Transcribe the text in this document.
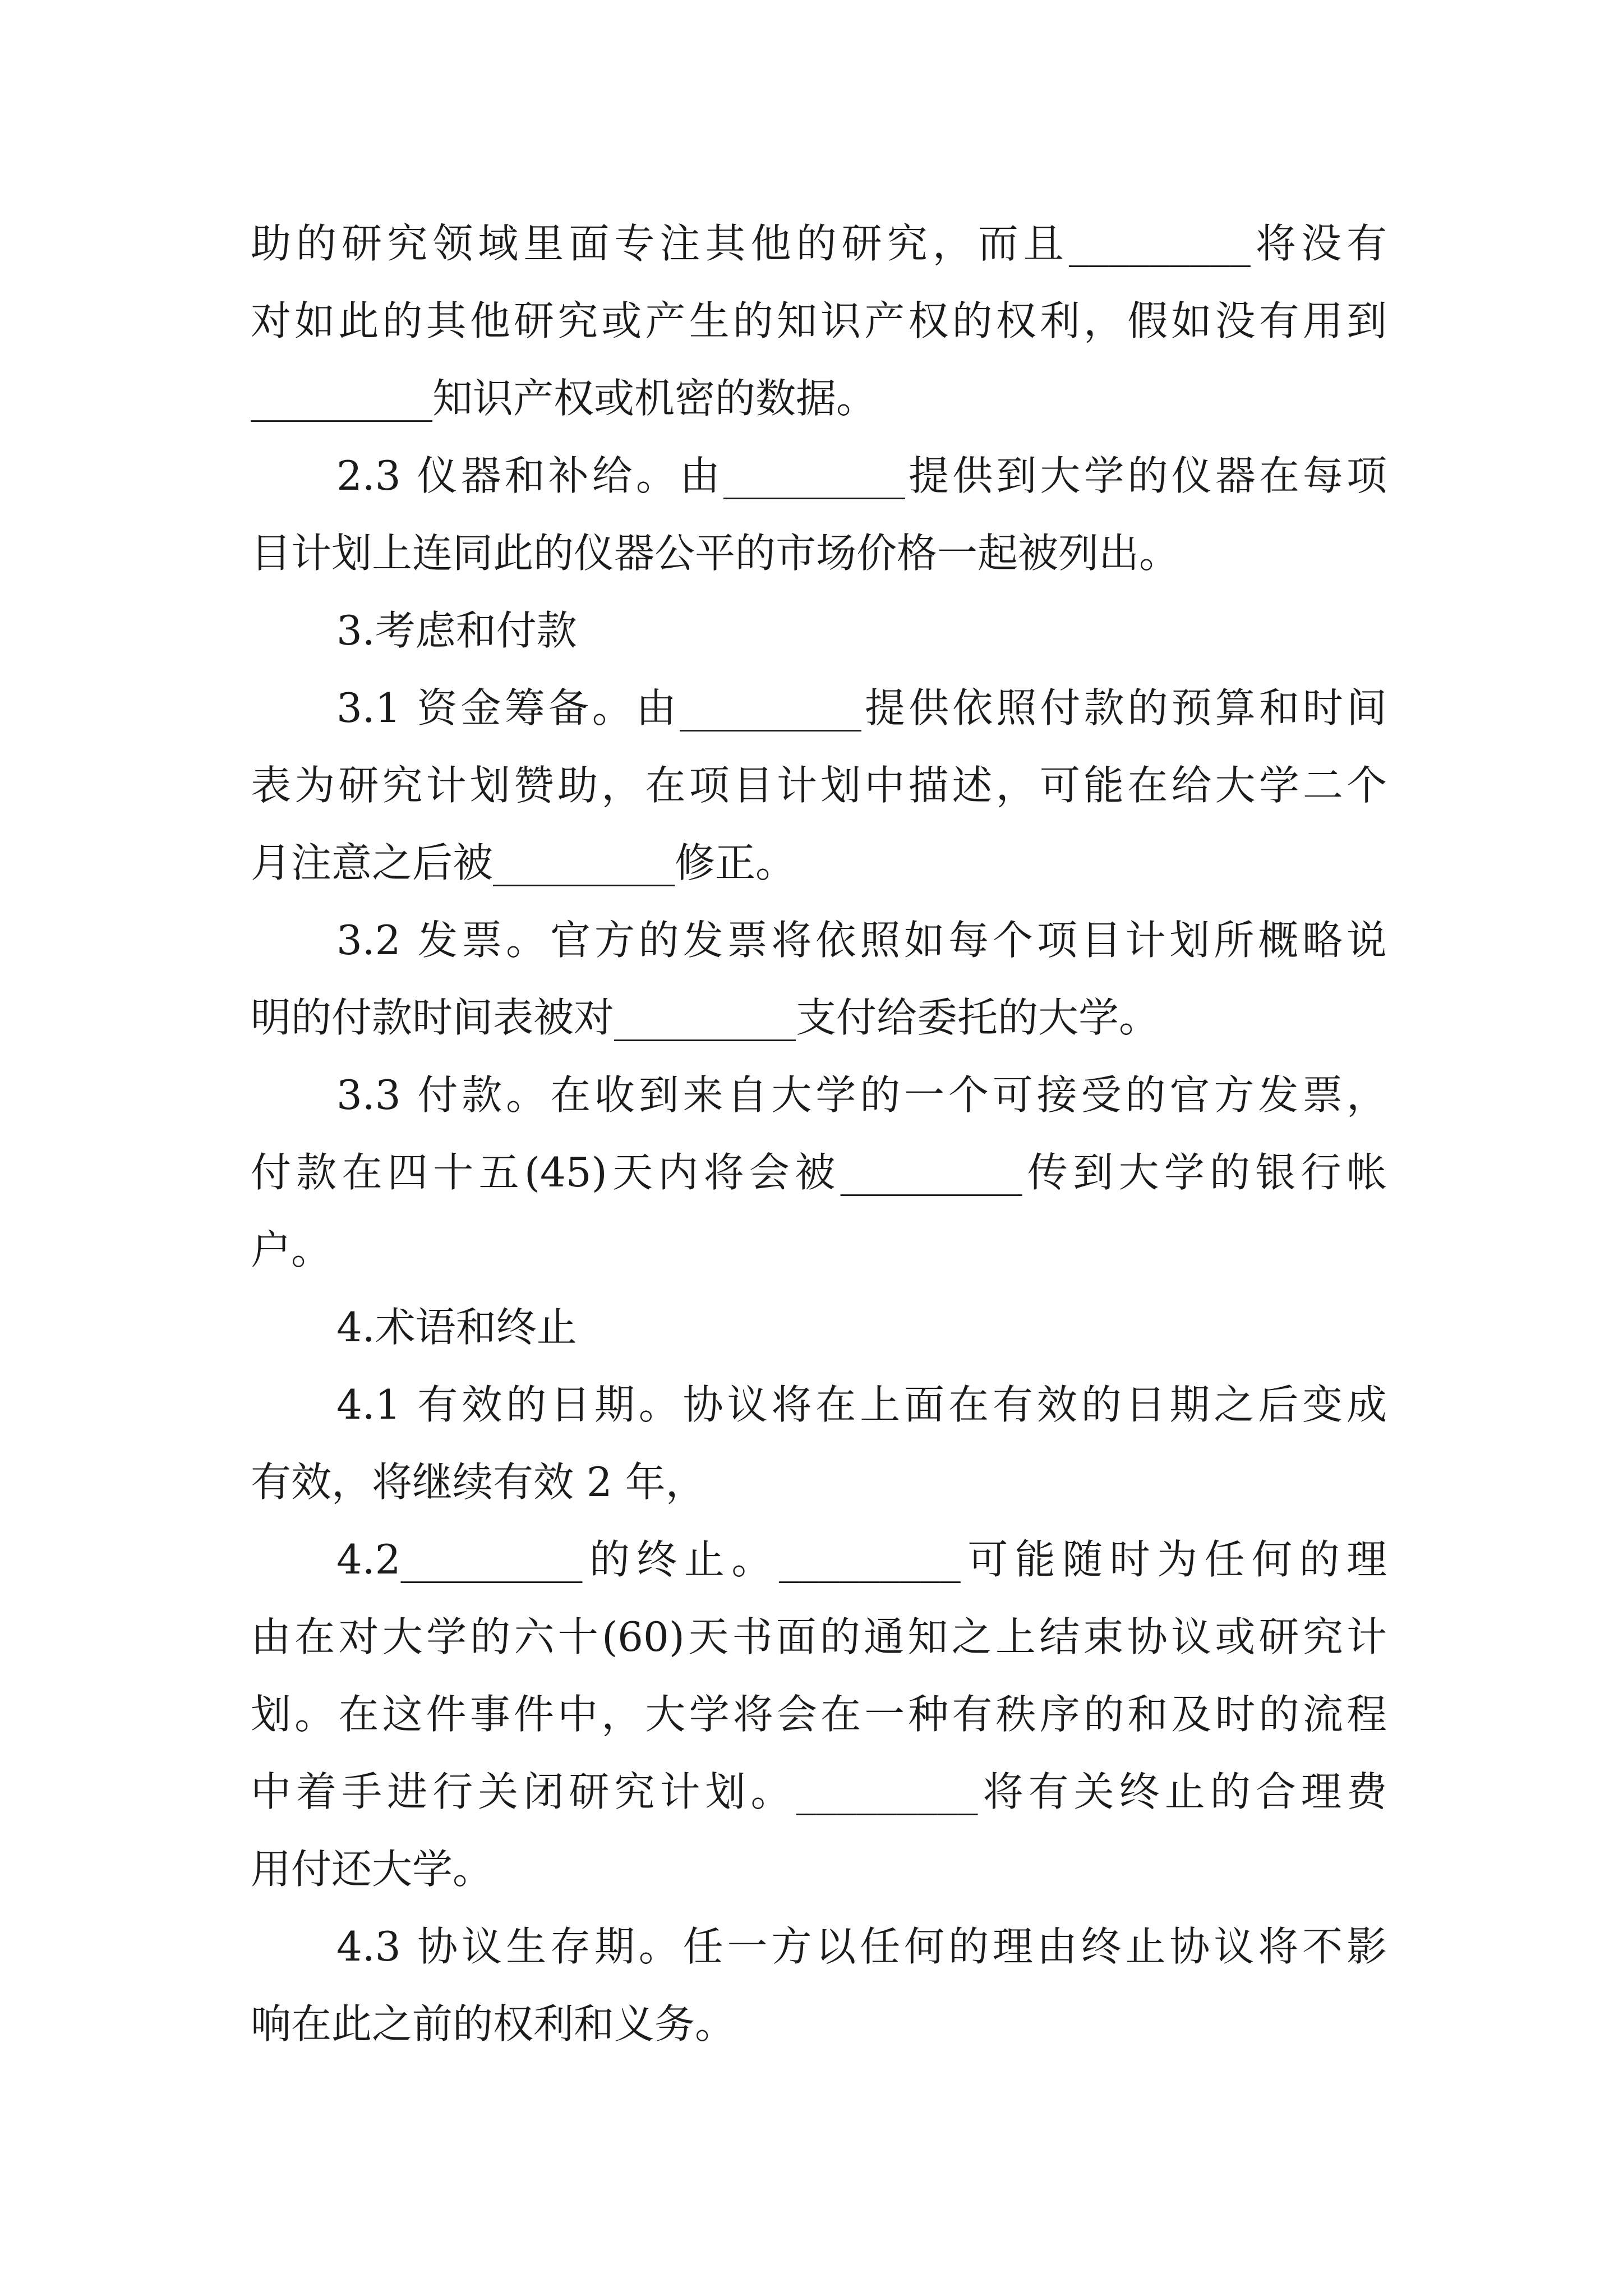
助的研究领域里面专注其他的研究，而且_________将没有
对如此的其他研究或产生的知识产权的权利，假如没有用到
_________知识产权或机密的数据。
2.3 仪器和补给。由_________提供到大学的仪器在每项
目计划上连同此的仪器公平的市场价格一起被列出。
3.考虑和付款
3.1 资金筹备。由_________提供依照付款的预算和时间
表为研究计划赞助，在项目计划中描述，可能在给大学二个
月注意之后被_________修正。
3.2 发票。官方的发票将依照如每个项目计划所概略说
明的付款时间表被对_________支付给委托的大学。
3.3 付款。在收到来自大学的一个可接受的官方发票，
付款在四十五(45)天内将会被_________传到大学的银行帐
户。
4.术语和终止
4.1 有效的日期。协议将在上面在有效的日期之后变成
有效，将继续有效 2 年，
4.2_________的终止。_________可能随时为任何的理
由在对大学的六十(60)天书面的通知之上结束协议或研究计
划。在这件事件中，大学将会在一种有秩序的和及时的流程
中着手进行关闭研究计划。_________将有关终止的合理费
用付还大学。
4.3 协议生存期。任一方以任何的理由终止协议将不影
响在此之前的权利和义务。
